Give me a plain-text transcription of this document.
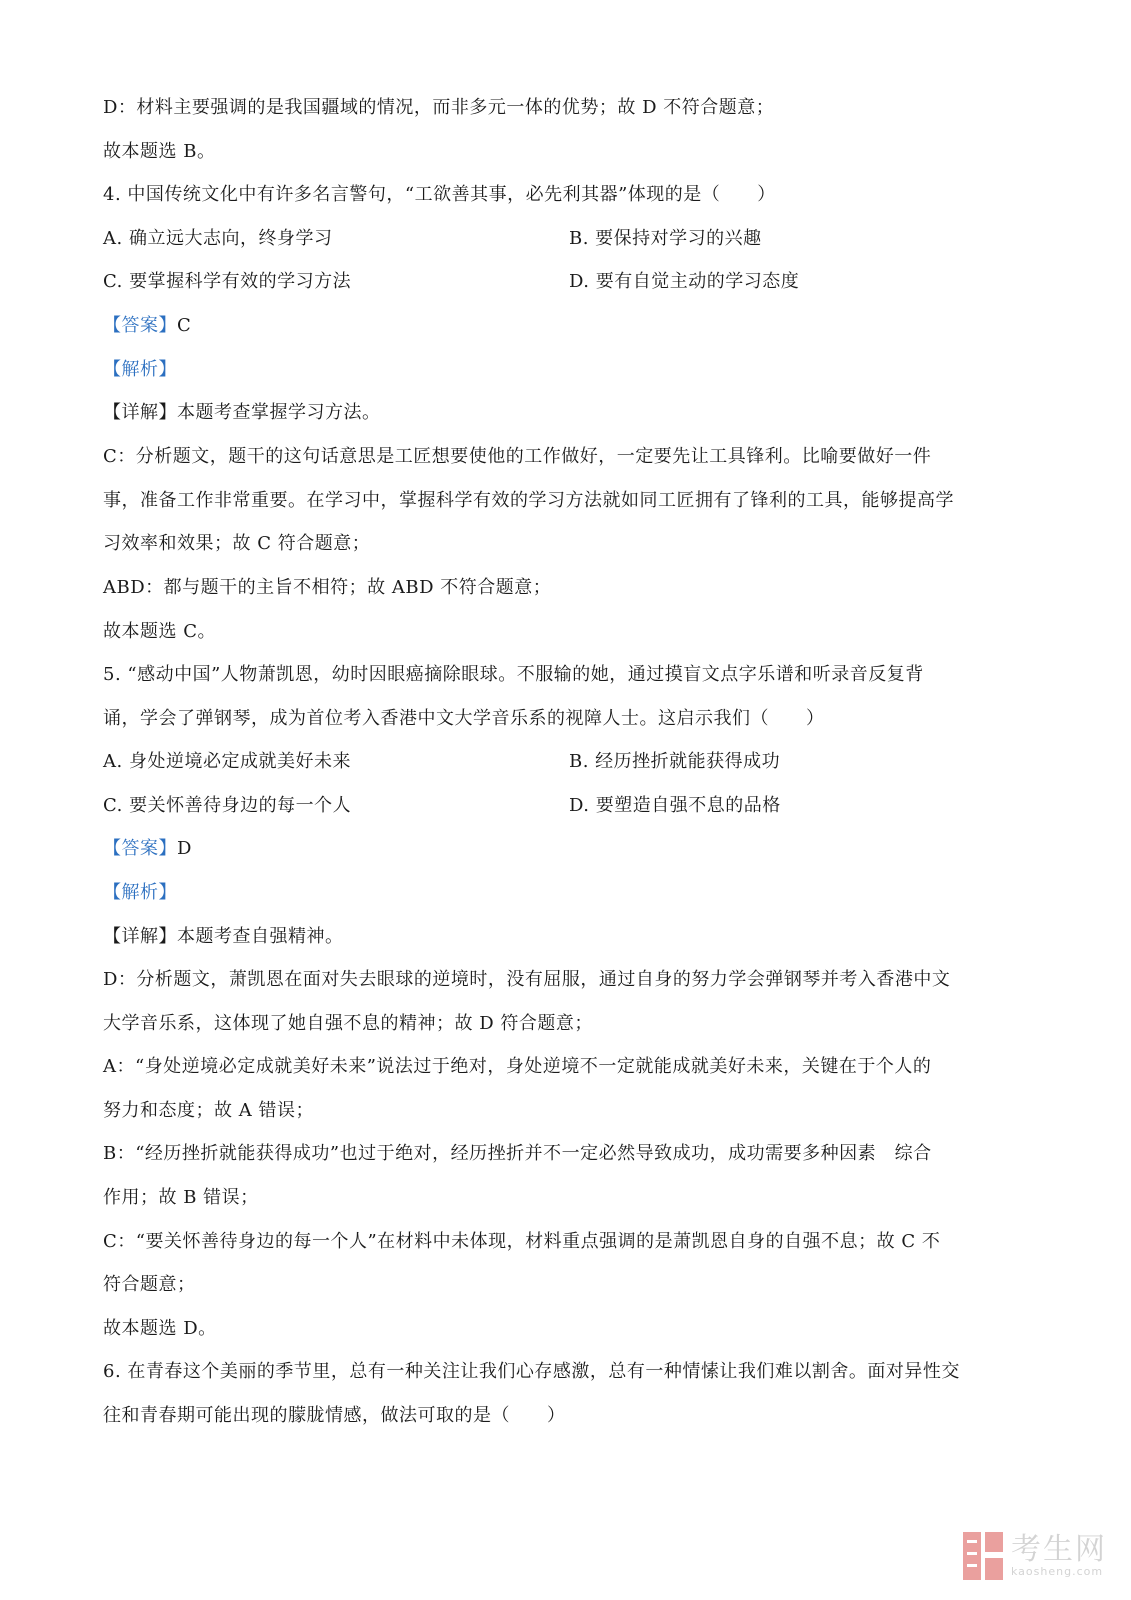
D：材料主要强调的是我国疆域的情况，而非多元一体的优势；故 D 不符合题意；
故本题选 B。
4. 中国传统文化中有许多名言警句，“工欲善其事，必先利其器”体现的是（　　）
A. 确立远大志向，终身学习	B. 要保持对学习的兴趣
C. 要掌握科学有效的学习方法	D. 要有自觉主动的学习态度
【答案】C
【解析】
【详解】本题考查掌握学习方法。
C：分析题文，题干的这句话意思是工匠想要使他的工作做好，一定要先让工具锋利。比喻要做好一件
事，准备工作非常重要。在学习中，掌握科学有效的学习方法就如同工匠拥有了锋利的工具，能够提高学
习效率和效果；故 C 符合题意；
ABD：都与题干的主旨不相符；故 ABD 不符合题意；
故本题选 C。
5. “感动中国”人物萧凯恩，幼时因眼癌摘除眼球。不服输的她，通过摸盲文点字乐谱和听录音反复背
诵，学会了弹钢琴，成为首位考入香港中文大学音乐系的视障人士。这启示我们（　　）
A. 身处逆境必定成就美好未来	B. 经历挫折就能获得成功
C. 要关怀善待身边的每一个人	D. 要塑造自强不息的品格
【答案】D
【解析】
【详解】本题考查自强精神。
D：分析题文，萧凯恩在面对失去眼球的逆境时，没有屈服，通过自身的努力学会弹钢琴并考入香港中文
大学音乐系，这体现了她自强不息的精神；故 D 符合题意；
A：“身处逆境必定成就美好未来”说法过于绝对，身处逆境不一定就能成就美好未来，关键在于个人的
努力和态度；故 A 错误；
B：“经历挫折就能获得成功”也过于绝对，经历挫折并不一定必然导致成功，成功需要多种因素　综合
作用；故 B 错误；
C：“要关怀善待身边的每一个人”在材料中未体现，材料重点强调的是萧凯恩自身的自强不息；故 C 不
符合题意；
故本题选 D。
6. 在青春这个美丽的季节里，总有一种关注让我们心存感激，总有一种情愫让我们难以割舍。面对异性交
往和青春期可能出现的朦胧情感，做法可取的是（　　）
考生网
kaosheng.com
